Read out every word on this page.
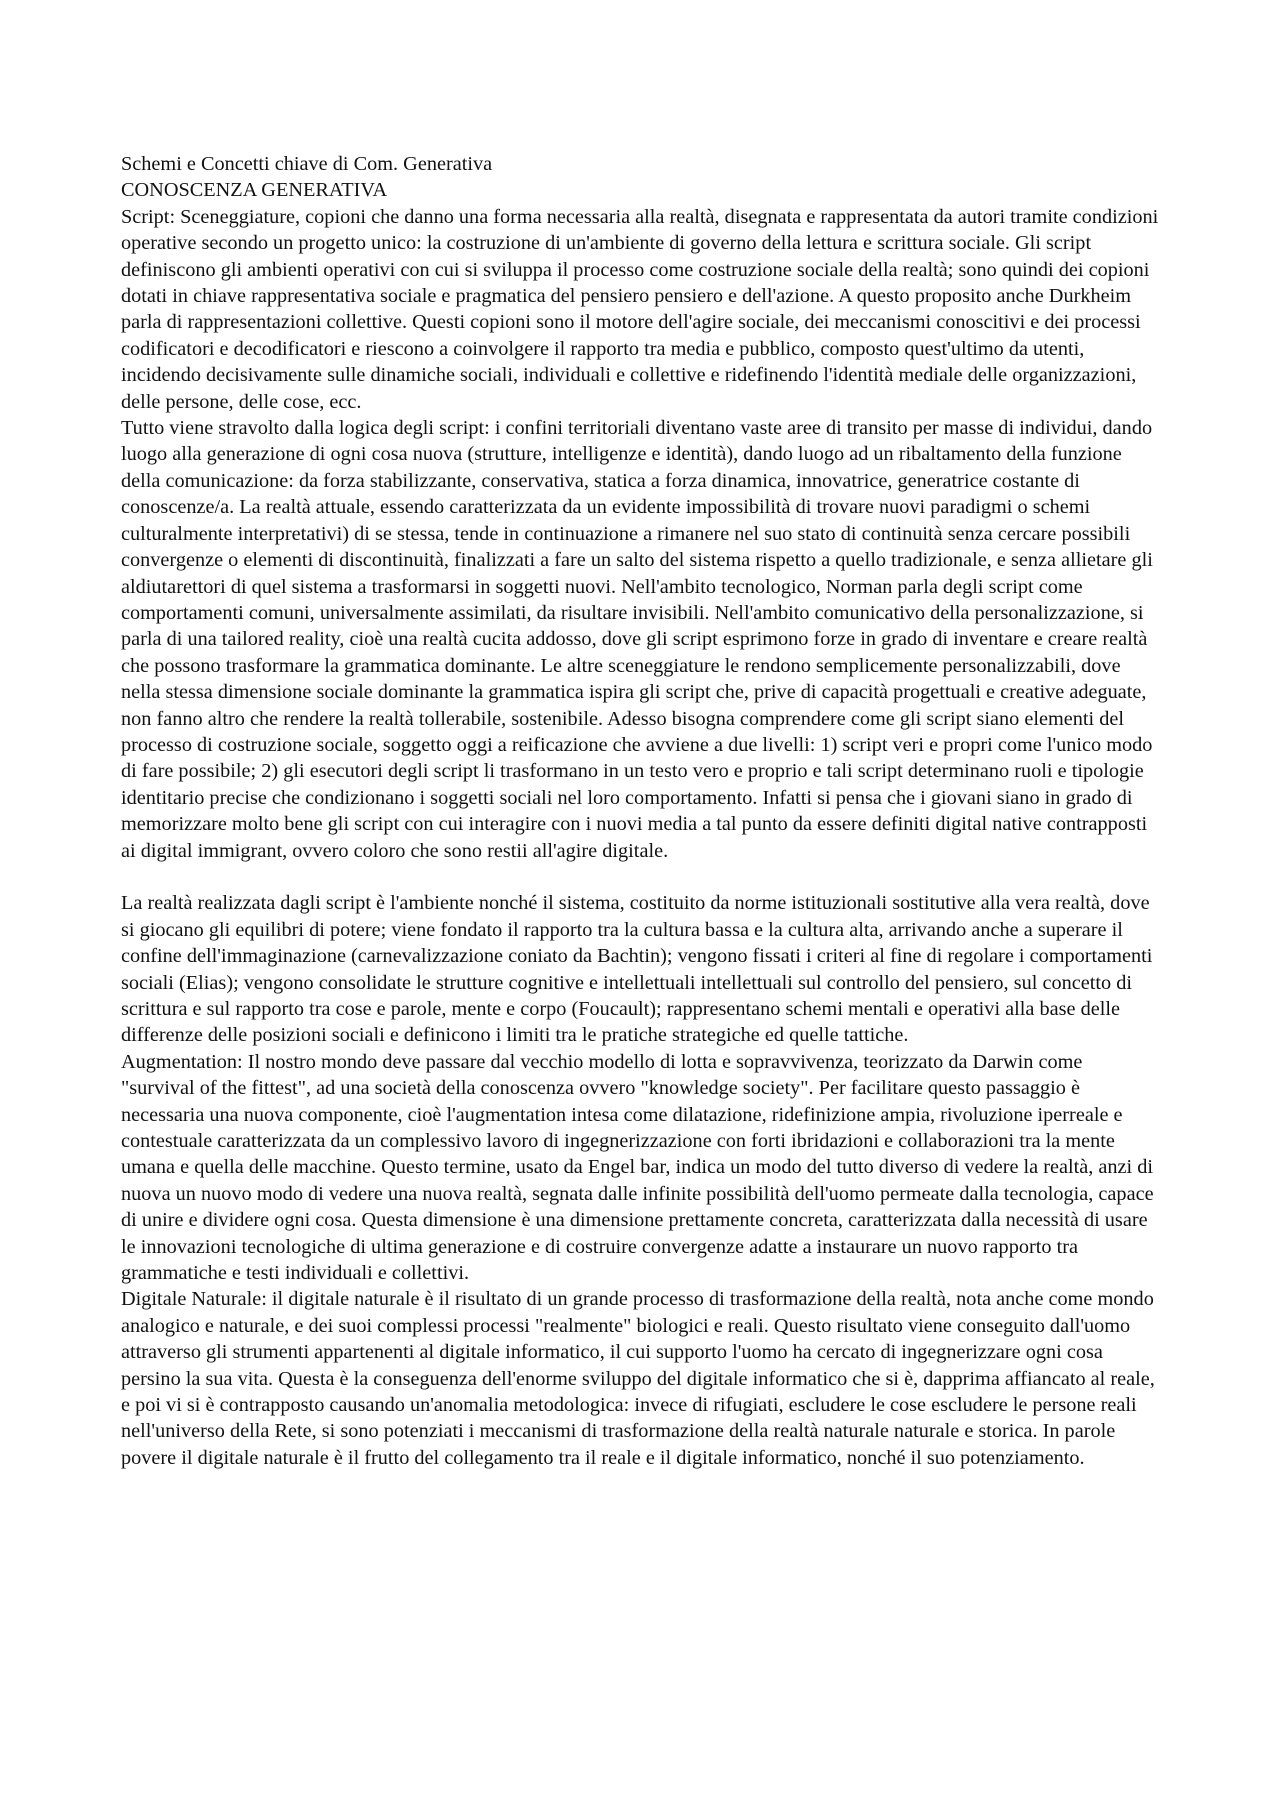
Schemi e Concetti chiave di Com. Generativa

CONOSCENZA GENERATIVA

Script: Sceneggiature, copioni che danno una forma necessaria alla realtà, disegnata e rappresentata da autori tramite condizioni operative secondo un progetto unico: la costruzione di un'ambiente di governo della lettura e scrittura sociale. Gli script definiscono gli ambienti operativi con cui si sviluppa il processo come costruzione sociale della realtà; sono quindi dei copioni dotati in chiave rappresentativa sociale e pragmatica del pensiero pensiero e dell'azione. A questo proposito anche Durkheim parla di rappresentazioni collettive. Questi copioni sono il motore dell'agire sociale, dei meccanismi conoscitivi e dei processi codificatori e decodificatori e riescono a coinvolgere il rapporto tra media e pubblico, composto quest'ultimo da utenti, incidendo decisivamente sulle dinamiche sociali, individuali e collettive e ridefinendo l'identità mediale delle organizzazioni, delle persone, delle cose, ecc.

Tutto viene stravolto dalla logica degli script: i confini territoriali diventano vaste aree di transito per masse di individui, dando luogo alla generazione di ogni cosa nuova (strutture, intelligenze e identità), dando luogo ad un ribaltamento della funzione della comunicazione: da forza stabilizzante, conservativa, statica a forza dinamica, innovatrice, generatrice costante di conoscenze/a. La realtà attuale, essendo caratterizzata da un evidente impossibilità di trovare nuovi paradigmi o schemi culturalmente interpretativi) di se stessa, tende in continuazione a rimanere nel suo stato di continuità senza cercare possibili convergenze o elementi di discontinuità, finalizzati a fare un salto del sistema rispetto a quello tradizionale, e senza allietare gli aldiutarettori di quel sistema a trasformarsi in soggetti nuovi. Nell'ambito tecnologico, Norman parla degli script come comportamenti comuni, universalmente assimilati, da risultare invisibili. Nell'ambito comunicativo della personalizzazione, si parla di una tailored reality, cioè una realtà cucita addosso, dove gli script esprimono forze in grado di inventare e creare realtà che possono trasformare la grammatica dominante. Le altre sceneggiature le rendono semplicemente personalizzabili, dove nella stessa dimensione sociale dominante la grammatica ispira gli script che, prive di capacità progettuali e creative adeguate, non fanno altro che rendere la realtà tollerabile, sostenibile. Adesso bisogna comprendere come gli script siano elementi del processo di costruzione sociale, soggetto oggi a reificazione che avviene a due livelli: 1) script veri e propri come l'unico modo di fare possibile; 2) gli esecutori degli script li trasformano in un testo vero e proprio e tali script determinano ruoli e tipologie identitario precise che condizionano i soggetti sociali nel loro comportamento. Infatti si pensa che i giovani siano in grado di memorizzare molto bene gli script con cui interagire con i nuovi media a tal punto da essere definiti digital native contrapposti ai digital immigrant, ovvero coloro che sono restii all'agire digitale.

La realtà realizzata dagli script è l'ambiente nonché il sistema, costituito da norme istituzionali sostitutive alla vera realtà, dove si giocano gli equilibri di potere; viene fondato il rapporto tra la cultura bassa e la cultura alta, arrivando anche a superare il confine dell'immaginazione (carnevalizzazione coniato da Bachtin); vengono fissati i criteri al fine di regolare i comportamenti sociali (Elias); vengono consolidate le strutture cognitive e intellettuali intellettuali sul controllo del pensiero, sul concetto di scrittura e sul rapporto tra cose e parole, mente e corpo (Foucault); rappresentano schemi mentali e operativi alla base delle differenze delle posizioni sociali e definicono i limiti tra le pratiche strategiche ed quelle tattiche.

Augmentation: Il nostro mondo deve passare dal vecchio modello di lotta e sopravvivenza, teorizzato da Darwin come "survival of the fittest", ad una società della conoscenza ovvero "knowledge society". Per facilitare questo passaggio è necessaria una nuova componente, cioè l'augmentation intesa come dilatazione, ridefinizione ampia, rivoluzione iperreale e contestuale caratterizzata da un complessivo lavoro di ingegnerizzazione con forti ibridazioni e collaborazioni tra la mente umana e quella delle macchine. Questo termine, usato da Engel bar, indica un modo del tutto diverso di vedere la realtà, anzi di nuova un nuovo modo di vedere una nuova realtà, segnata dalle infinite possibilità dell'uomo permeate dalla tecnologia, capace di unire e dividere ogni cosa. Questa dimensione è una dimensione prettamente concreta, caratterizzata dalla necessità di usare le innovazioni tecnologiche di ultima generazione e di costruire convergenze adatte a instaurare un nuovo rapporto tra grammatiche e testi individuali e collettivi.

Digitale Naturale: il digitale naturale è il risultato di un grande processo di trasformazione della realtà, nota anche come mondo analogico e naturale, e dei suoi complessi processi "realmente" biologici e reali. Questo risultato viene conseguito dall'uomo attraverso gli strumenti appartenenti al digitale informatico, il cui supporto l'uomo ha cercato di ingegnerizzare ogni cosa persino la sua vita. Questa è la conseguenza dell'enorme sviluppo del digitale informatico che si è, dapprima affiancato al reale, e poi vi si è contrapposto causando un'anomalia metodologica: invece di rifugiati, escludere le cose escludere le persone reali nell'universo della Rete, si sono potenziati i meccanismi di trasformazione della realtà naturale naturale e storica. In parole povere il digitale naturale è il frutto del collegamento tra il reale e il digitale informatico, nonché il suo potenziamento.
